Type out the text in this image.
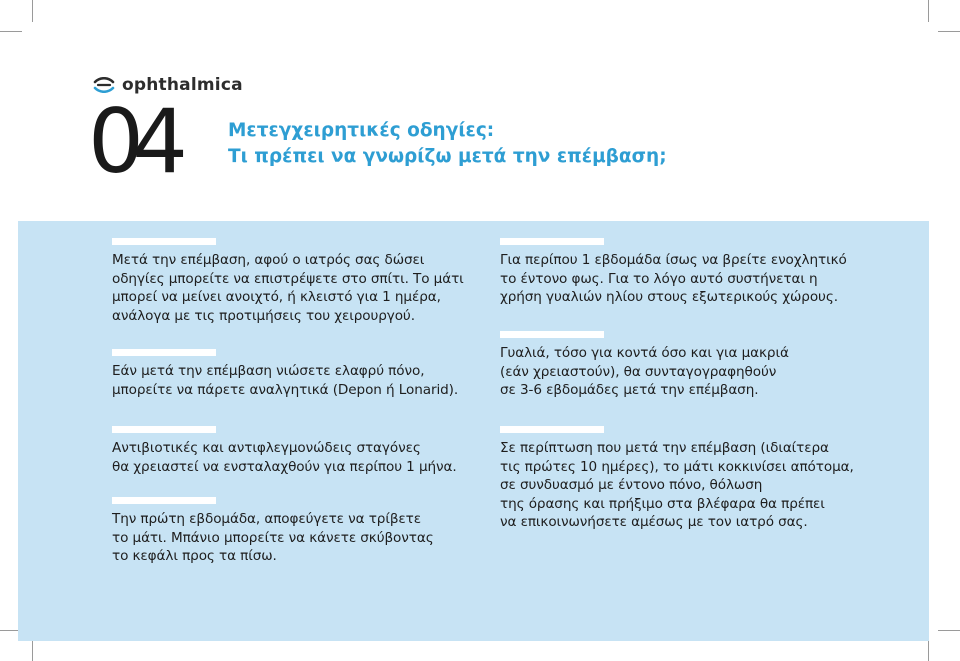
ophthalmica
04	Μετεγχειρητικές οδηγίες:
Τι πρέπει να γνωρίζω μετά την επέμβαση;

Μετά την επέμβαση, αφού ο ιατρός σας δώσει
οδηγίες μπορείτε να επιστρέψετε στο σπίτι. Το μάτι
μπορεί να μείνει ανοιχτό, ή κλειστό για 1 ημέρα,
ανάλογα με τις προτιμήσεις του χειρουργού.

Εάν μετά την επέμβαση νιώσετε ελαφρύ πόνο,
μπορείτε να πάρετε αναλγητικά (Depon ή Lonarid).

Αντιβιοτικές και αντιφλεγμονώδεις σταγόνες
θα χρειαστεί να ενσταλαχθούν για περίπου 1 μήνα.

Την πρώτη εβδομάδα, αποφεύγετε να τρίβετε
το μάτι. Μπάνιο μπορείτε να κάνετε σκύβοντας
το κεφάλι προς τα πίσω.

Για περίπου 1 εβδομάδα ίσως να βρείτε ενοχλητικό
το έντονο φως. Για το λόγο αυτό συστήνεται η
χρήση γυαλιών ηλίου στους εξωτερικούς χώρους.

Γυαλιά, τόσο για κοντά όσο και για μακριά
(εάν χρειαστούν), θα συνταγογραφηθούν
σε 3-6 εβδομάδες μετά την επέμβαση.

Σε περίπτωση που μετά την επέμβαση (ιδιαίτερα
τις πρώτες 10 ημέρες), το μάτι κοκκινίσει απότομα,
σε συνδυασμό με έντονο πόνο, θόλωση
της όρασης και πρήξιμο στα βλέφαρα θα πρέπει
να επικοινωνήσετε αμέσως με τον ιατρό σας.
